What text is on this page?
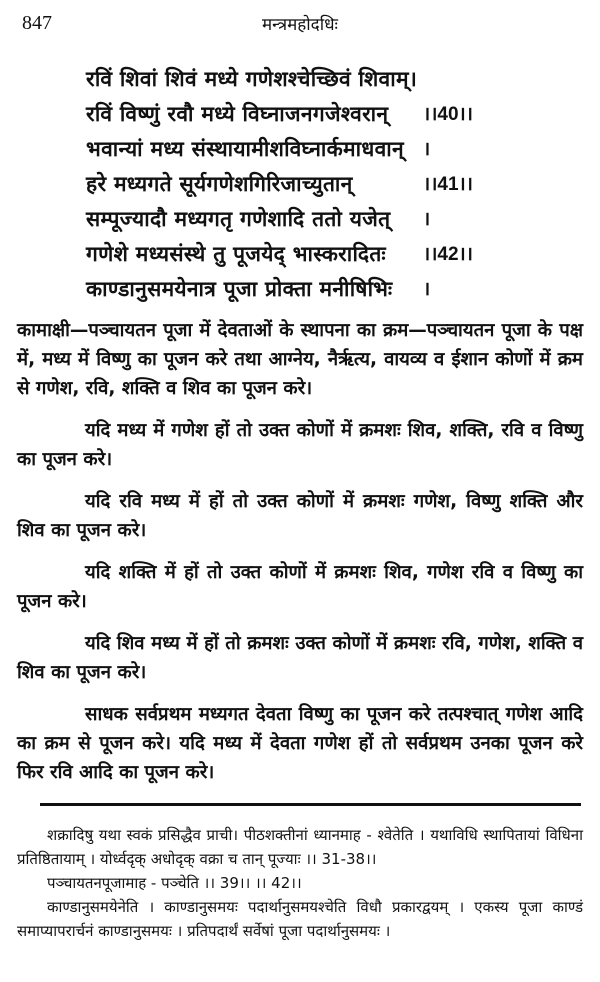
847	मन्त्रमहोदधिः
रविं शिवां शिवं मध्ये गणेशश्चेच्छिवं शिवाम्।
रविं विष्णुं रवौ मध्ये विघ्नाजनगजेश्वरान् ।।40।।
भवान्यां मध्य संस्थायामीशविघ्नार्कमाधवान् ।
हरे मध्यगते सूर्यगणेशगिरिजाच्युतान्	।।41।।
सम्पूज्यादौ मध्यगतृ गणेशादि ततो यजेत् ।
गणेशे मध्यसंस्थे तु पूजयेद् भास्करादितः ।।42।।
काण्डानुसमयेनात्र पूजा प्रोक्ता मनीषिभिः ।

कामाक्षी—पञ्चायतन पूजा में देवताओं के स्थापना का क्रम—पञ्चायतन पूजा के पक्ष में, मध्य में विष्णु का पूजन करे तथा आग्नेय, नैर्ऋत्य, वायव्य व ईशान कोणों में क्रम से गणेश, रवि, शक्ति व शिव का पूजन करे।

यदि मध्य में गणेश हों तो उक्त कोणों में क्रमशः शिव, शक्ति, रवि व विष्णु का पूजन करे।

यदि रवि मध्य में हों तो उक्त कोणों में क्रमशः गणेश, विष्णु शक्ति और शिव का पूजन करे।

यदि शक्ति में हों तो उक्त कोणों में क्रमशः शिव, गणेश रवि व विष्णु का पूजन करे।

यदि शिव मध्य में हों तो क्रमशः उक्त कोणों में क्रमशः रवि, गणेश, शक्ति व शिव का पूजन करे।

साधक सर्वप्रथम मध्यगत देवता विष्णु का पूजन करे तत्पश्चात् गणेश आदि का क्रम से पूजन करे। यदि मध्य में देवता गणेश हों तो सर्वप्रथम उनका पूजन करे फिर रवि आदि का पूजन करे।

शक्रादिषु यथा स्वकं प्रसिद्धैव प्राची। पीठशक्तीनां ध्यानमाह - श्वेतेति । यथाविधि स्थापितायां विधिना प्रतिष्ठितायाम् । योर्ध्वदृक् अधोदृक् वक्रा च तान् पूज्याः ।। 31-38।।

पञ्चायतनपूजामाह - पञ्चेति ।। 39।। ।। 42।।

काण्डानुसमयेनेति । काण्डानुसमयः पदार्थानुसमयश्चेति विधौ प्रकारद्वयम् । एकस्य पूजा काण्डं समाप्यापरार्चनं काण्डानुसमयः । प्रतिपदार्थं सर्वेषां पूजा पदार्थानुसमयः ।
